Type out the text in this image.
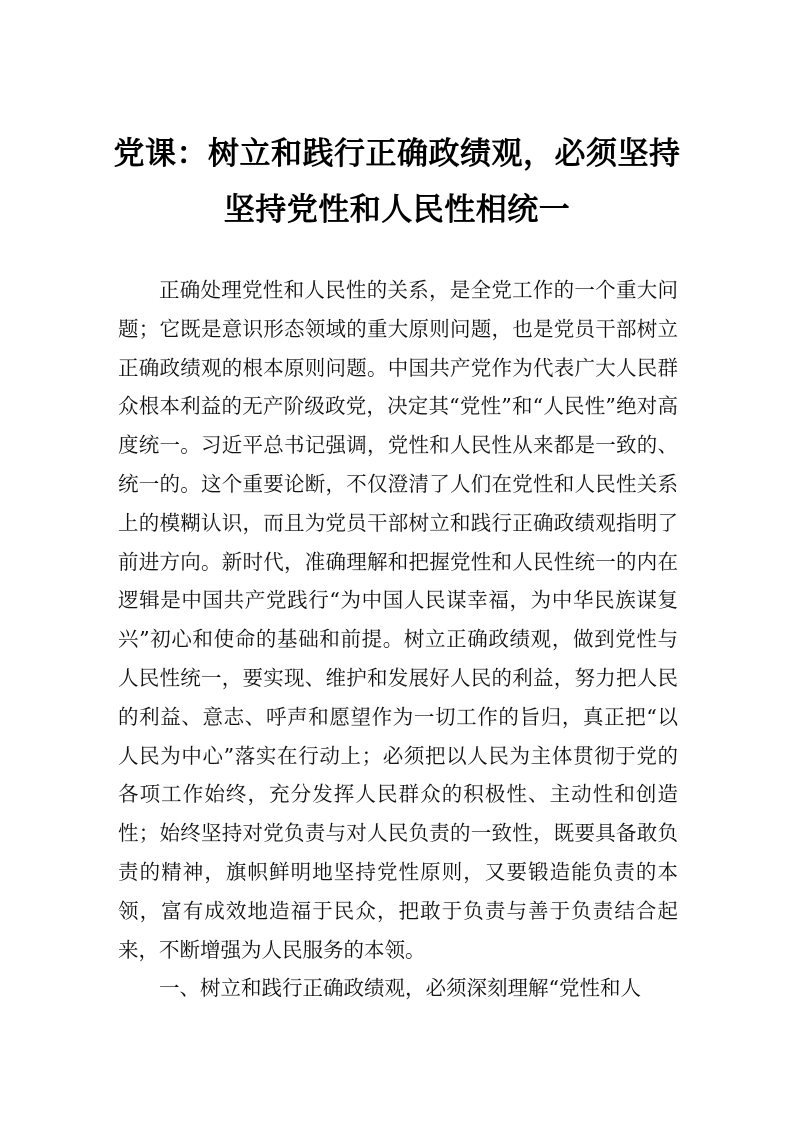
党课：树立和践行正确政绩观，必须坚持
坚持党性和人民性相统一

正确处理党性和人民性的关系，是全党工作的一个重大问题；它既是意识形态领域的重大原则问题，也是党员干部树立正确政绩观的根本原则问题。中国共产党作为代表广大人民群众根本利益的无产阶级政党，决定其“党性”和“人民性”绝对高度统一。习近平总书记强调，党性和人民性从来都是一致的、统一的。这个重要论断，不仅澄清了人们在党性和人民性关系上的模糊认识，而且为党员干部树立和践行正确政绩观指明了前进方向。新时代，准确理解和把握党性和人民性统一的内在逻辑是中国共产党践行“为中国人民谋幸福，为中华民族谋复兴”初心和使命的基础和前提。树立正确政绩观，做到党性与人民性统一，要实现、维护和发展好人民的利益，努力把人民的利益、意志、呼声和愿望作为一切工作的旨归，真正把“以人民为中心”落实在行动上；必须把以人民为主体贯彻于党的各项工作始终，充分发挥人民群众的积极性、主动性和创造性；始终坚持对党负责与对人民负责的一致性，既要具备敢负责的精神，旗帜鲜明地坚持党性原则，又要锻造能负责的本领，富有成效地造福于民众，把敢于负责与善于负责结合起来，不断增强为人民服务的本领。

一、树立和践行正确政绩观，必须深刻理解“党性和人
